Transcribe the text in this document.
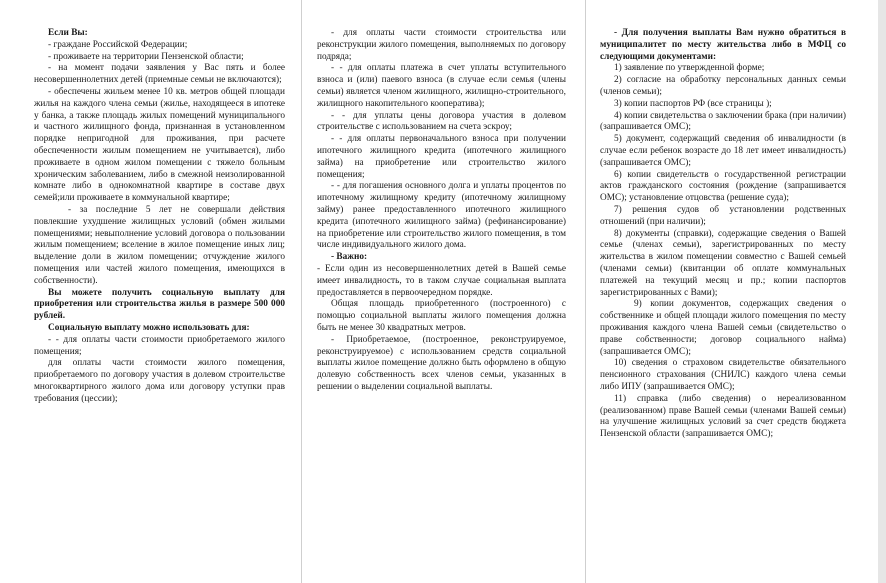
Если Вы:

- граждане Российской Федерации;

- проживаете на территории Пензенской области;

- на момент подачи заявления у Вас пять и более несовершеннолетних детей (приемные семьи не включаются);

- обеспечены жильем менее 10 кв. метров общей площади жилья на каждого члена семьи (жилье, находящееся в ипотеке у банка, а также площадь жилых помещений муниципального и частного жилищного фонда, признанная в установленном порядке непригодной для проживания, при расчете обеспеченности жилым помещением не учитывается), либо проживаете в одном жилом помещении с тяжело больным хроническим заболеванием, либо в смежной неизолированной комнате либо в однокомнатной квартире в составе двух семей;или проживаете в коммунальной квартире;

- за последние 5 лет не совершали действия повлекшие ухудшение жилищных условий (обмен жилыми помещениями; невыполнение условий договора о пользовании жилым помещением; вселение в жилое помещение иных лиц; выделение доли в жилом помещении; отчуждение жилого помещения или частей жилого помещения, имеющихся в собственности).

Вы можете получить социальную выплату для приобретения или строительства жилья в размере 500 000 рублей.

Социальную выплату можно использовать для:

- - для оплаты части стоимости приобретаемого жилого помещения;

для оплаты части стоимости жилого помещения, приобретаемого по договору участия в долевом строительстве многоквартирного жилого дома или договору уступки прав требования (цессии);

- для оплаты части стоимости строительства или реконструкции жилого помещения, выполняемых по договору подряда;

- - для оплаты платежа в счет уплаты вступительного взноса и (или) паевого взноса (в случае если семья (члены семьи) является членом жилищного, жилищно-строительного, жилищного накопительного кооператива);

- - для уплаты цены договора участия в долевом строительстве с использованием на счета эскроу;

- - для оплаты первоначального взноса при получении ипотечного жилищного кредита (ипотечного жилищного займа) на приобретение или строительство жилого помещения;

- - для погашения основного долга и уплаты процентов по ипотечному жилищному кредиту (ипотечному жилищному займу) ранее предоставленного ипотечного жилищного кредита (ипотечного жилищного займа) (рефинансирование) на приобретение или строительство жилого помещения, в том числе индивидуального жилого дома.

- Важно:

- Если один из несовершеннолетних детей в Вашей семье имеет инвалидность, то в таком случае социальная выплата предоставляется в первоочередном порядке.

Общая площадь приобретенного (построенного) с помощью социальной выплаты жилого помещения должна быть не менее 30 квадратных метров.

- Приобретаемое, (построенное, реконструируемое, реконструируемое) с использованием средств социальной выплаты жилое помещение должно быть оформлено в общую долевую собственность всех членов семьи, указанных в решении о выделении социальной выплаты.

- Для получения выплаты Вам нужно обратиться в муниципалитет по месту жительства либо в МФЦ со следующими документами:

1) заявление по утвержденной форме;

2) согласие на обработку персональных данных семьи (членов семьи);

3) копии паспортов РФ (все страницы );

4) копии свидетельства о заключении брака (при наличии) (запрашивается ОМС);

5) документ, содержащий сведения об инвалидности (в случае если ребенок возрасте до 18 лет имеет инвалидность) (запрашивается ОМС);

6) копии свидетельств о государственной регистрации актов гражданского состояния (рождение (запрашивается ОМС); установление отцовства (решение суда);

7) решения судов об установлении родственных отношений (при наличии);

8) документы (справки), содержащие сведения о Вашей семье (членах семьи), зарегистрированных по месту жительства в жилом помещении совместно с Вашей семьей (членами семьи) (квитанции об оплате коммунальных платежей на текущий месяц и пр.; копии паспортов зарегистрированных с Вами);

9) копии документов, содержащих сведения о собственнике и общей площади жилого помещения по месту проживания каждого члена Вашей семьи (свидетельство о праве собственности; договор социального найма) (запрашивается ОМС);

10) сведения о страховом свидетельстве обязательного пенсионного страхования (СНИЛС) каждого члена семьи либо ИПУ (запрашивается ОМС);

11) справка (либо сведения) о нереализованном (реализованном) праве Вашей семьи (членами Вашей семьи) на улучшение жилищных условий за счет средств бюджета Пензенской области (запрашивается ОМС);
